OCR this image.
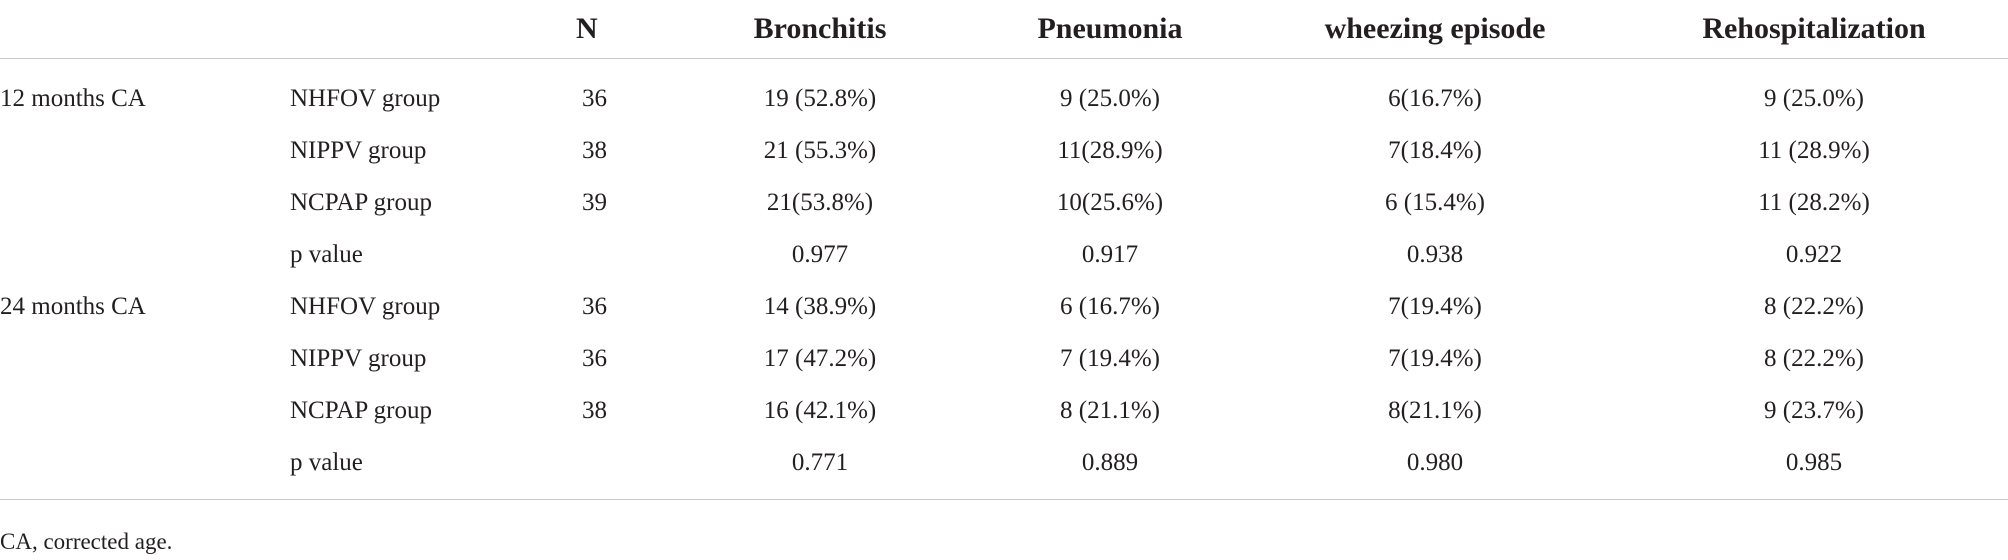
		N	Bronchitis	Pneumonia	wheezing episode	Rehospitalization
12 months CA	NHFOV group	36	19 (52.8%)	9 (25.0%)	6(16.7%)	9 (25.0%)
	NIPPV group	38	21 (55.3%)	11(28.9%)	7(18.4%)	11 (28.9%)
	NCPAP group	39	21(53.8%)	10(25.6%)	6 (15.4%)	11 (28.2%)
	p value		0.977	0.917	0.938	0.922
24 months CA	NHFOV group	36	14 (38.9%)	6 (16.7%)	7(19.4%)	8 (22.2%)
	NIPPV group	36	17 (47.2%)	7 (19.4%)	7(19.4%)	8 (22.2%)
	NCPAP group	38	16 (42.1%)	8 (21.1%)	8(21.1%)	9 (23.7%)
	p value		0.771	0.889	0.980	0.985
CA, corrected age.
